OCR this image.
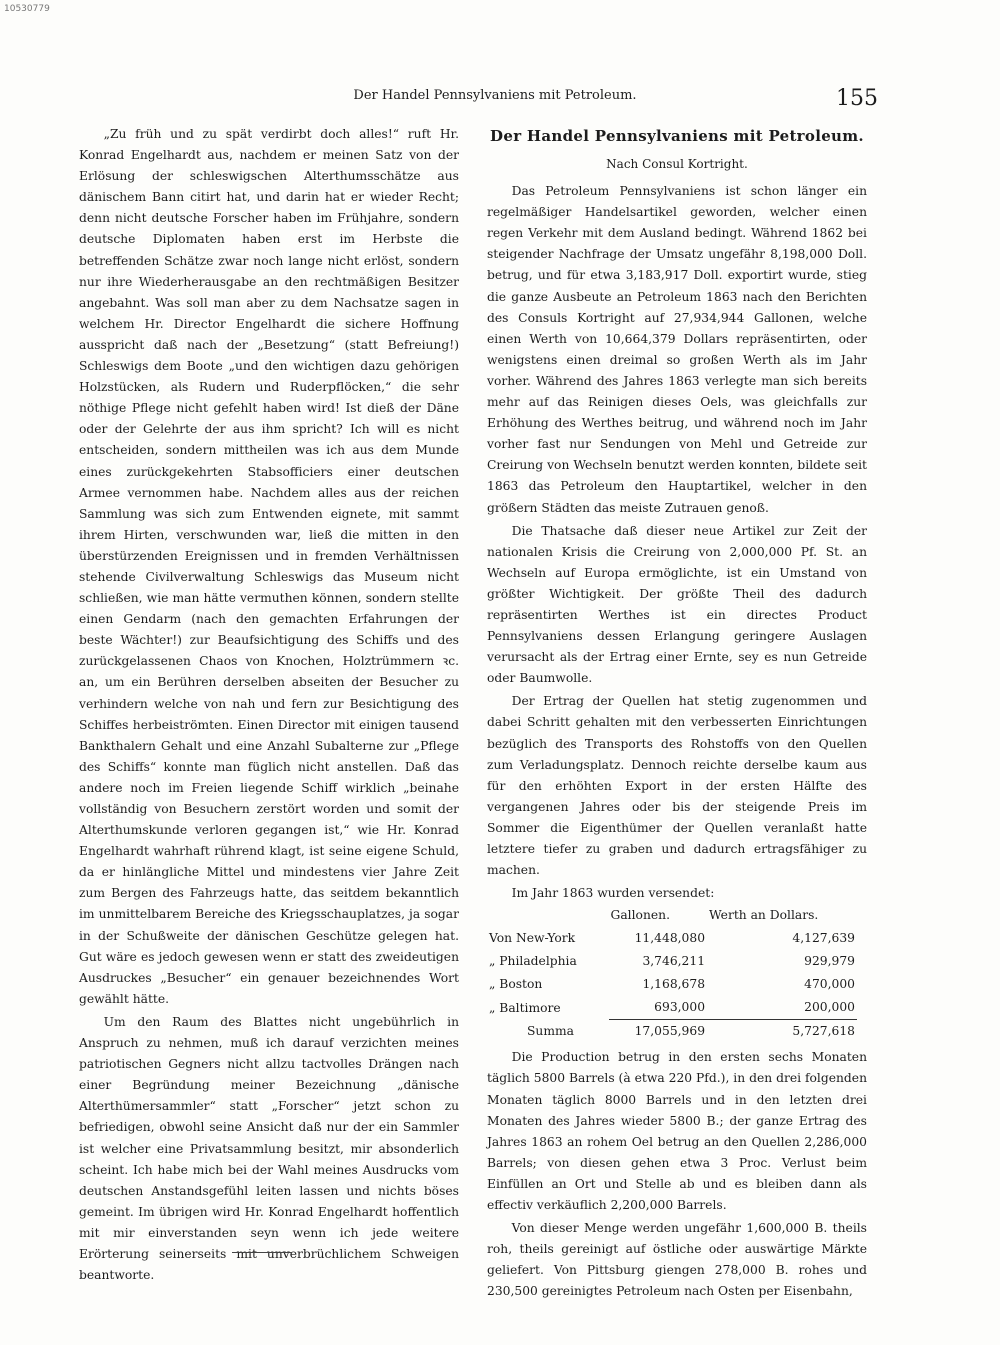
10530779
Der Handel Pennsylvaniens mit Petroleum.	155

„Zu früh und zu spät verdirbt doch alles!“ ruft Hr. Konrad Engelhardt aus, nachdem er meinen Satz von der Erlösung der schleswigschen Alterthumsschätze aus dänischem Bann citirt hat, und darin hat er wieder Recht; denn nicht deutsche Forscher haben im Frühjahre, sondern deutsche Diplomaten haben erst im Herbste die betreffenden Schätze zwar noch lange nicht erlöst, sondern nur ihre Wiederherausgabe an den rechtmäßigen Besitzer angebahnt. Was soll man aber zu dem Nachsatze sagen in welchem Hr. Director Engelhardt die sichere Hoffnung ausspricht daß nach der „Besetzung“ (statt Befreiung!) Schleswigs dem Boote „und den wichtigen dazu gehörigen Holzstücken, als Rudern und Ruderpflöcken,“ die sehr nöthige Pflege nicht gefehlt haben wird! Ist dieß der Däne oder der Gelehrte der aus ihm spricht? Ich will es nicht entscheiden, sondern mittheilen was ich aus dem Munde eines zurückgekehrten Stabsofficiers einer deutschen Armee vernommen habe. Nachdem alles aus der reichen Sammlung was sich zum Entwenden eignete, mit sammt ihrem Hirten, verschwunden war, ließ die mitten in den überstürzenden Ereignissen und in fremden Verhältnissen stehende Civilverwaltung Schleswigs das Museum nicht schließen, wie man hätte vermuthen können, sondern stellte einen Gendarm (nach den gemachten Erfahrungen der beste Wächter!) zur Beaufsichtigung des Schiffs und des zurückgelassenen Chaos von Knochen, Holztrümmern ꝛc. an, um ein Berühren derselben abseiten der Besucher zu verhindern welche von nah und fern zur Besichtigung des Schiffes herbeiströmten. Einen Director mit einigen tausend Bankthalern Gehalt und eine Anzahl Subalterne zur „Pflege des Schiffs“ konnte man füglich nicht anstellen. Daß das andere noch im Freien liegende Schiff wirklich „beinahe vollständig von Besuchern zerstört worden und somit der Alterthumskunde verloren gegangen ist,“ wie Hr. Konrad Engelhardt wahrhaft rührend klagt, ist seine eigene Schuld, da er hinlängliche Mittel und mindestens vier Jahre Zeit zum Bergen des Fahrzeugs hatte, das seitdem bekanntlich im unmittelbarem Bereiche des Kriegsschauplatzes, ja sogar in der Schußweite der dänischen Geschütze gelegen hat. Gut wäre es jedoch gewesen wenn er statt des zweideutigen Ausdruckes „Besucher“ ein genauer bezeichnendes Wort gewählt hätte.

Um den Raum des Blattes nicht ungebührlich in Anspruch zu nehmen, muß ich darauf verzichten meines patriotischen Gegners nicht allzu tactvolles Drängen nach einer Begründung meiner Bezeichnung „dänische Alterthümersammler“ statt „Forscher“ jetzt schon zu befriedigen, obwohl seine Ansicht daß nur der ein Sammler ist welcher eine Privatsammlung besitzt, mir absonderlich scheint. Ich habe mich bei der Wahl meines Ausdrucks vom deutschen Anstandsgefühl leiten lassen und nichts böses gemeint. Im übrigen wird Hr. Konrad Engelhardt hoffentlich mit mir einverstanden seyn wenn ich jede weitere Erörterung seinerseits mit unverbrüchlichem Schweigen beantworte.

Der Handel Pennsylvaniens mit Petroleum.
Nach Consul Kortright.

Das Petroleum Pennsylvaniens ist schon länger ein regelmäßiger Handelsartikel geworden, welcher einen regen Verkehr mit dem Ausland bedingt. Während 1862 bei steigender Nachfrage der Umsatz ungefähr 8,198,000 Doll. betrug, und für etwa 3,183,917 Doll. exportirt wurde, stieg die ganze Ausbeute an Petroleum 1863 nach den Berichten des Consuls Kortright auf 27,934,944 Gallonen, welche einen Werth von 10,664,379 Dollars repräsentirten, oder wenigstens einen dreimal so großen Werth als im Jahr vorher. Während des Jahres 1863 verlegte man sich bereits mehr auf das Reinigen dieses Oels, was gleichfalls zur Erhöhung des Werthes beitrug, und während noch im Jahr vorher fast nur Sendungen von Mehl und Getreide zur Creirung von Wechseln benutzt werden konnten, bildete seit 1863 das Petroleum den Hauptartikel, welcher in den größern Städten das meiste Zutrauen genoß.

Die Thatsache daß dieser neue Artikel zur Zeit der nationalen Krisis die Creirung von 2,000,000 Pf. St. an Wechseln auf Europa ermöglichte, ist ein Umstand von größter Wichtigkeit. Der größte Theil des dadurch repräsentirten Werthes ist ein directes Product Pennsylvaniens dessen Erlangung geringere Auslagen verursacht als der Ertrag einer Ernte, sey es nun Getreide oder Baumwolle.

Der Ertrag der Quellen hat stetig zugenommen und dabei Schritt gehalten mit den verbesserten Einrichtungen bezüglich des Transports des Rohstoffs von den Quellen zum Verladungsplatz. Dennoch reichte derselbe kaum aus für den erhöhten Export in der ersten Hälfte des vergangenen Jahres oder bis der steigende Preis im Sommer die Eigenthümer der Quellen veranlaßt hatte letztere tiefer zu graben und dadurch ertragsfähiger zu machen.

Im Jahr 1863 wurden versendet:

	Gallonen.	Werth an Dollars.
Von New-York	11,448,080	4,127,639
„ Philadelphia	3,746,211	929,979
„ Boston	1,168,678	470,000
„ Baltimore	693,000	200,000
Summa	17,055,969	5,727,618

Die Production betrug in den ersten sechs Monaten täglich 5800 Barrels (à etwa 220 Pfd.), in den drei folgenden Monaten täglich 8000 Barrels und in den letzten drei Monaten des Jahres wieder 5800 B.; der ganze Ertrag des Jahres 1863 an rohem Oel betrug an den Quellen 2,286,000 Barrels; von diesen gehen etwa 3 Proc. Verlust beim Einfüllen an Ort und Stelle ab und es bleiben dann als effectiv verkäuflich 2,200,000 Barrels.

Von dieser Menge werden ungefähr 1,600,000 B. theils roh, theils gereinigt auf östliche oder auswärtige Märkte geliefert. Von Pittsburg giengen 278,000 B. rohes und 230,500 gereinigtes Petroleum nach Osten per Eisenbahn,
